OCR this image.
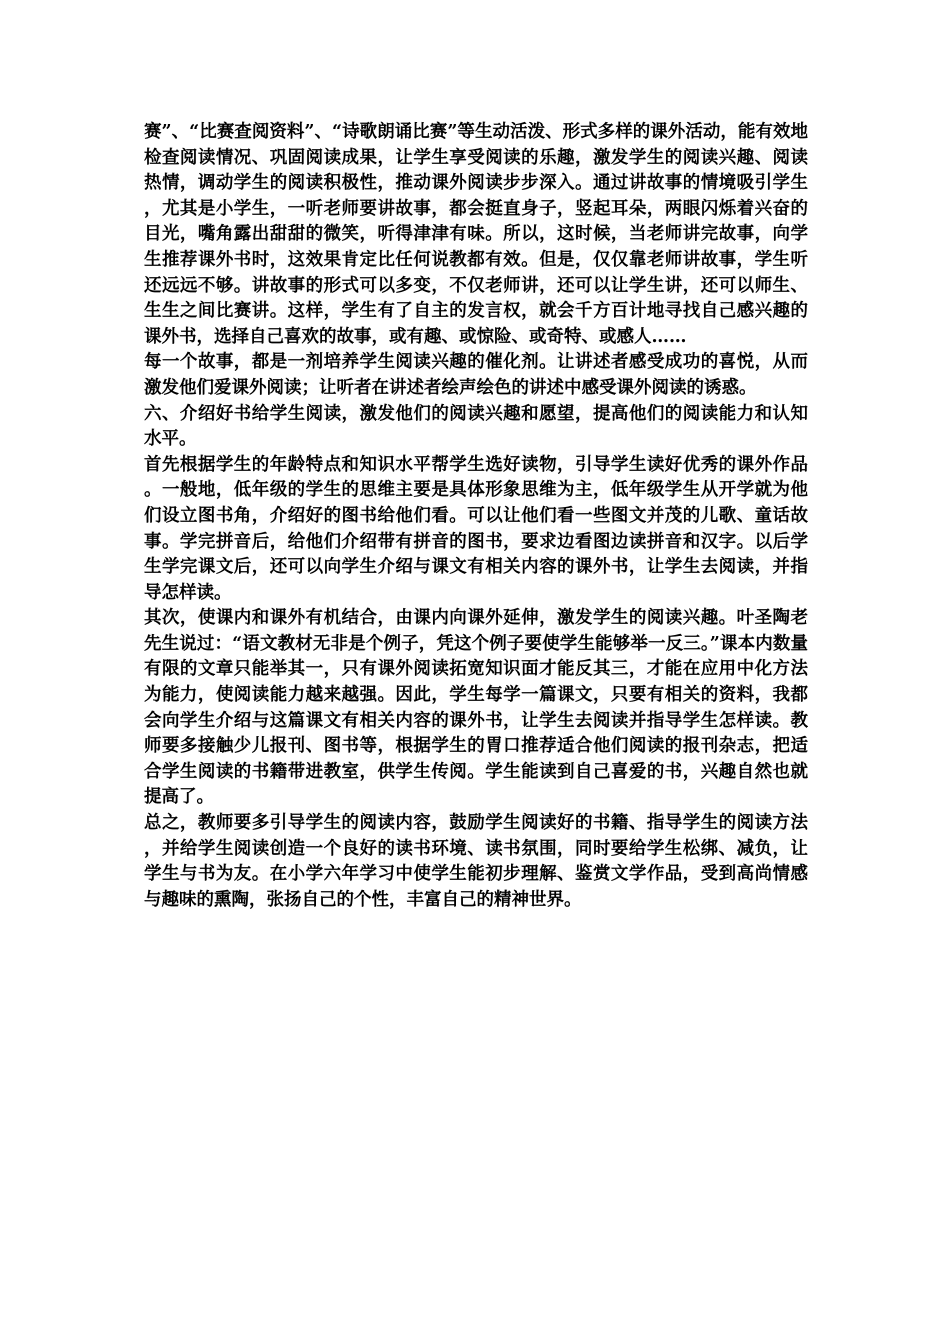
赛”、“比赛查阅资料”、“诗歌朗诵比赛”等生动活泼、形式多样的课外活动，能有效地检查阅读情况、巩固阅读成果，让学生享受阅读的乐趣，激发学生的阅读兴趣、阅读热情，调动学生的阅读积极性，推动课外阅读步步深入。通过讲故事的情境吸引学生，尤其是小学生，一听老师要讲故事，都会挺直身子，竖起耳朵，两眼闪烁着兴奋的目光，嘴角露出甜甜的微笑，听得津津有味。所以，这时候，当老师讲完故事，向学生推荐课外书时，这效果肯定比任何说教都有效。但是，仅仅靠老师讲故事，学生听还远远不够。讲故事的形式可以多变，不仅老师讲，还可以让学生讲，还可以师生、生生之间比赛讲。这样，学生有了自主的发言权，就会千方百计地寻找自己感兴趣的课外书，选择自己喜欢的故事，或有趣、或惊险、或奇特、或感人……

每一个故事，都是一剂培养学生阅读兴趣的催化剂。让讲述者感受成功的喜悦，从而激发他们爱课外阅读；让听者在讲述者绘声绘色的讲述中感受课外阅读的诱惑。

六、介绍好书给学生阅读，激发他们的阅读兴趣和愿望，提高他们的阅读能力和认知水平。

首先根据学生的年龄特点和知识水平帮学生选好读物，引导学生读好优秀的课外作品。一般地，低年级的学生的思维主要是具体形象思维为主，低年级学生从开学就为他们设立图书角，介绍好的图书给他们看。可以让他们看一些图文并茂的儿歌、童话故事。学完拼音后，给他们介绍带有拼音的图书，要求边看图边读拼音和汉字。以后学生学完课文后，还可以向学生介绍与课文有相关内容的课外书，让学生去阅读，并指导怎样读。

其次，使课内和课外有机结合，由课内向课外延伸，激发学生的阅读兴趣。叶圣陶老先生说过：“语文教材无非是个例子，凭这个例子要使学生能够举一反三。”课本内数量有限的文章只能举其一，只有课外阅读拓宽知识面才能反其三，才能在应用中化方法为能力，使阅读能力越来越强。因此，学生每学一篇课文，只要有相关的资料，我都会向学生介绍与这篇课文有相关内容的课外书，让学生去阅读并指导学生怎样读。教师要多接触少儿报刊、图书等，根据学生的胃口推荐适合他们阅读的报刊杂志，把适合学生阅读的书籍带进教室，供学生传阅。学生能读到自己喜爱的书，兴趣自然也就提高了。

总之，教师要多引导学生的阅读内容，鼓励学生阅读好的书籍、指导学生的阅读方法，并给学生阅读创造一个良好的读书环境、读书氛围，同时要给学生松绑、减负，让学生与书为友。在小学六年学习中使学生能初步理解、鉴赏文学作品，受到高尚情感与趣味的熏陶，张扬自己的个性，丰富自己的精神世界。
